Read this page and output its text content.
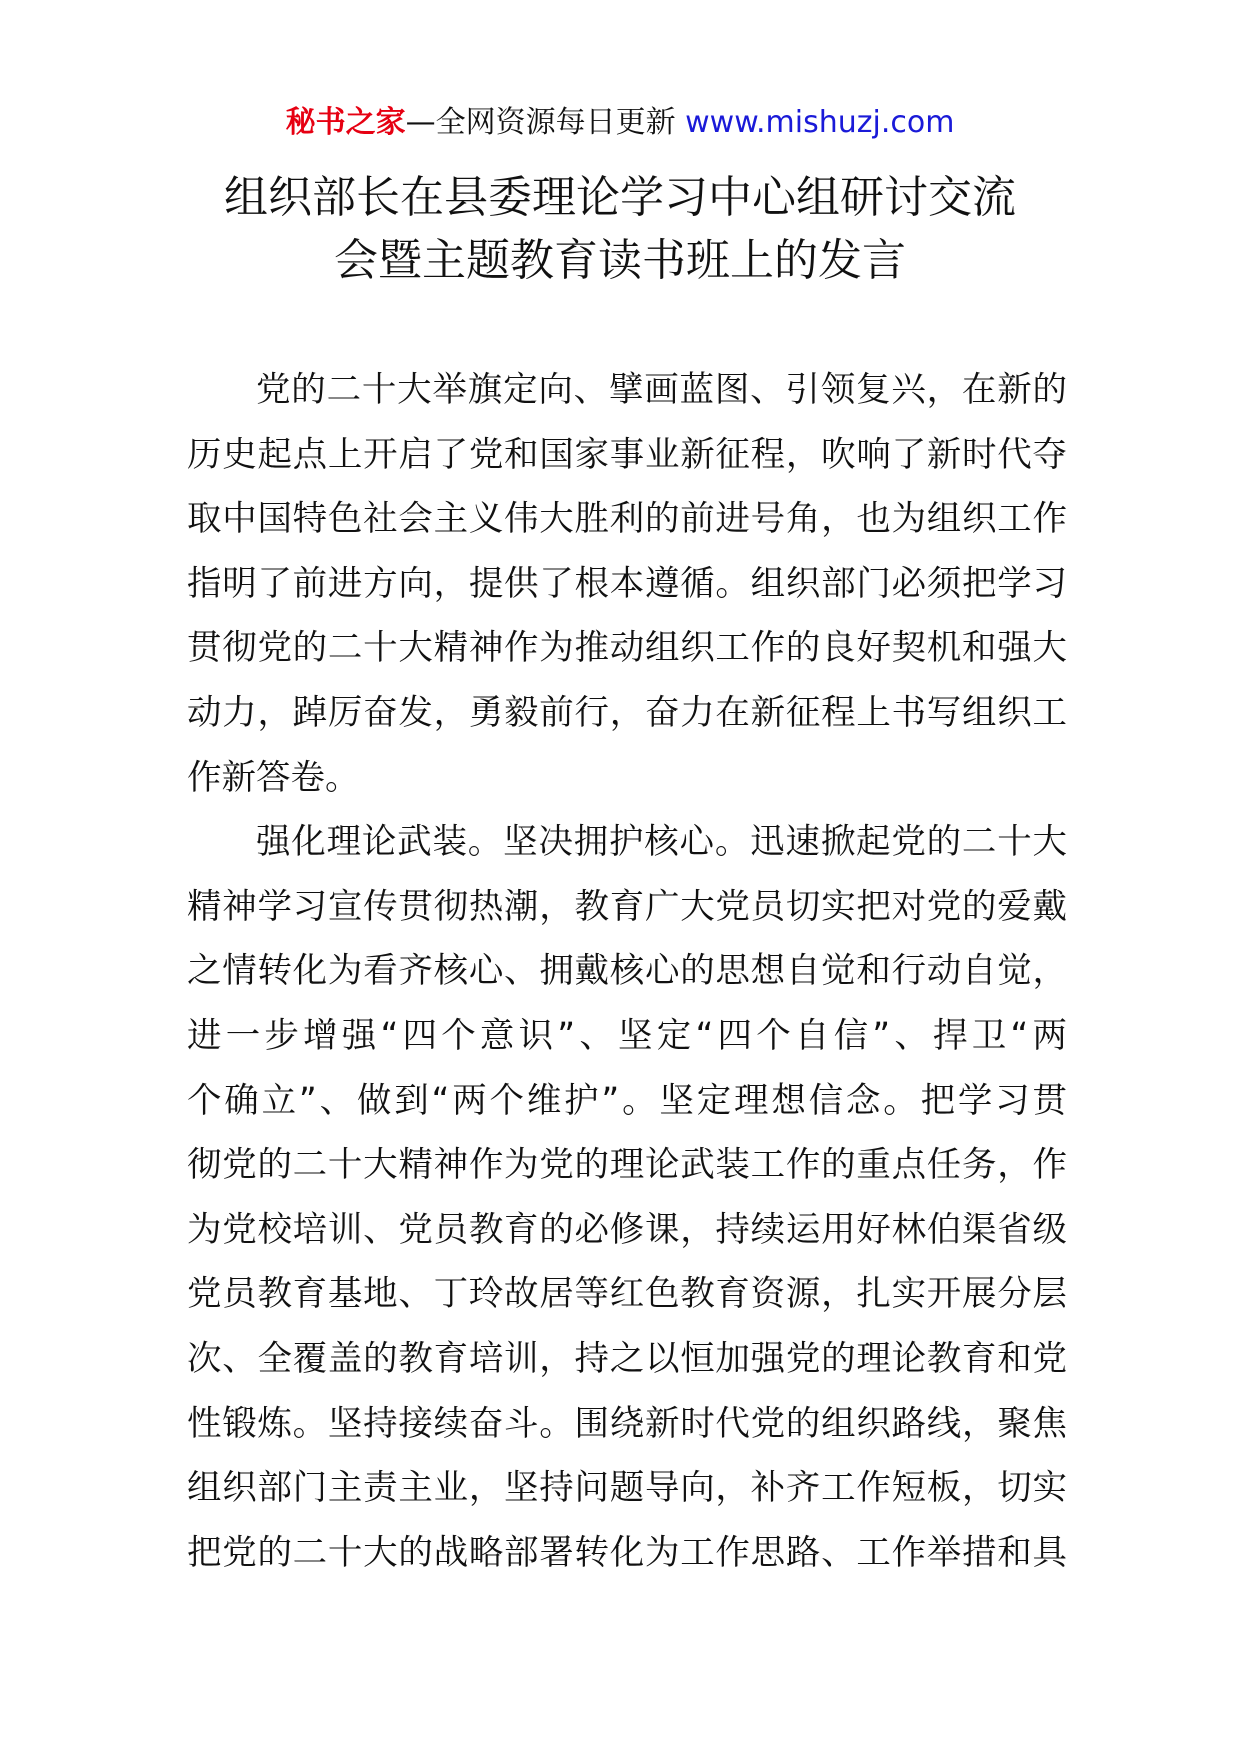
秘书之家—全网资源每日更新 www.mishuzj.com
组织部长在县委理论学习中心组研讨交流
会暨主题教育读书班上的发言
党的二十大举旗定向、擘画蓝图、引领复兴，在新的
历史起点上开启了党和国家事业新征程，吹响了新时代夺
取中国特色社会主义伟大胜利的前进号角，也为组织工作
指明了前进方向，提供了根本遵循。组织部门必须把学习
贯彻党的二十大精神作为推动组织工作的良好契机和强大
动力，踔厉奋发，勇毅前行，奋力在新征程上书写组织工
作新答卷。
强化理论武装。坚决拥护核心。迅速掀起党的二十大
精神学习宣传贯彻热潮，教育广大党员切实把对党的爱戴
之情转化为看齐核心、拥戴核心的思想自觉和行动自觉，
进一步增强“四个意识”、坚定“四个自信”、捍卫“两
个确立”、做到“两个维护”。坚定理想信念。把学习贯
彻党的二十大精神作为党的理论武装工作的重点任务，作
为党校培训、党员教育的必修课，持续运用好林伯渠省级
党员教育基地、丁玲故居等红色教育资源，扎实开展分层
次、全覆盖的教育培训，持之以恒加强党的理论教育和党
性锻炼。坚持接续奋斗。围绕新时代党的组织路线，聚焦
组织部门主责主业，坚持问题导向，补齐工作短板，切实
把党的二十大的战略部署转化为工作思路、工作举措和具
